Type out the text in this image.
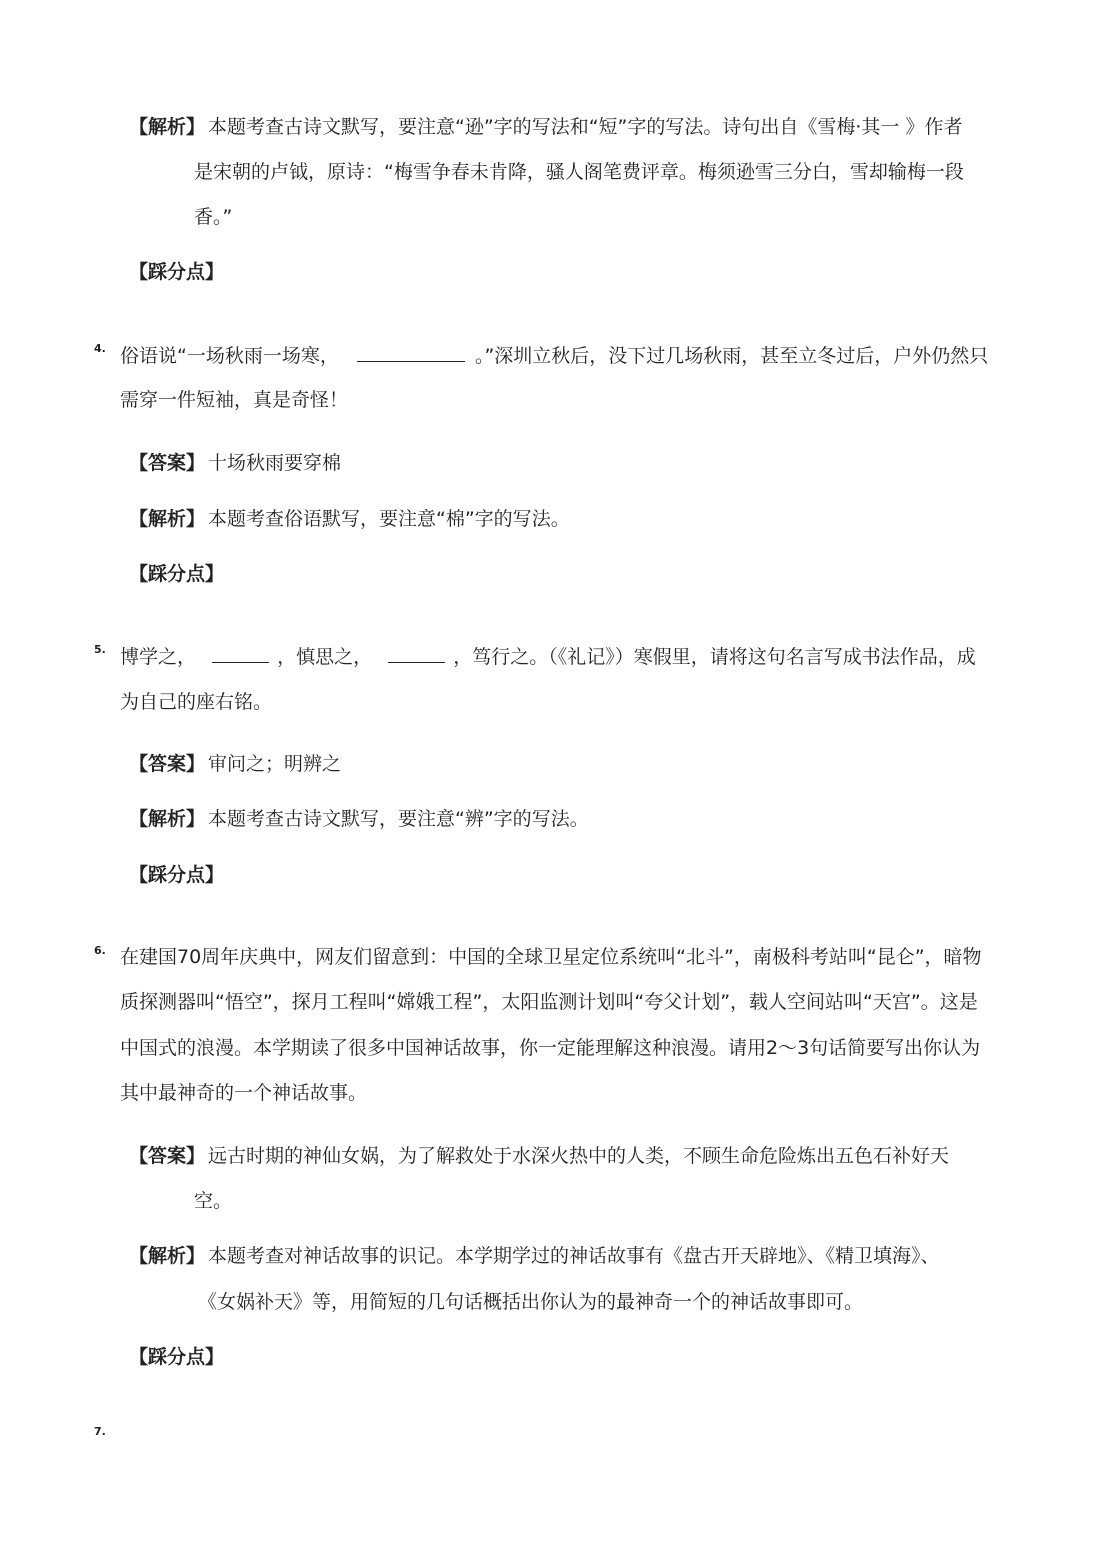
【解析】 本题考查古诗文默写，要注意“逊”字的写法和“短”字的写法。诗句出自《雪梅·其一 》作者
是宋朝的卢钺，原诗：“梅雪争春未肯降，骚人阁笔费评章。梅须逊雪三分白，雪却输梅一段
香。”
【踩分点】
4. 俗语说“一场秋雨一场寒，	。”深圳立秋后，没下过几场秋雨，甚至立冬过后，户外仍然只
需穿一件短袖，真是奇怪！
【答案】 十场秋雨要穿棉
【解析】 本题考查俗语默写，要注意“棉”字的写法。
【踩分点】
5. 博学之，	，慎思之，	，笃行之。（《礼记》）寒假里，请将这句名言写成书法作品，成
为自己的座右铭。
【答案】 审问之；明辨之
【解析】 本题考查古诗文默写，要注意“辨”字的写法。
【踩分点】
6. 在建国70周年庆典中，网友们留意到：中国的全球卫星定位系统叫“北斗”，南极科考站叫“昆仑”，暗物
质探测器叫“悟空”，探月工程叫“嫦娥工程”，太阳监测计划叫“夸父计划”，载人空间站叫“天宫”。这是
中国式的浪漫。本学期读了很多中国神话故事，你一定能理解这种浪漫。请用2～3句话简要写出你认为
其中最神奇的一个神话故事。
【答案】 远古时期的神仙女娲，为了解救处于水深火热中的人类，不顾生命危险炼出五色石补好天
空。
【解析】 本题考查对神话故事的识记。本学期学过的神话故事有《盘古开天辟地》、《精卫填海》、
《女娲补天》等，用简短的几句话概括出你认为的最神奇一个的神话故事即可。
【踩分点】
7.
